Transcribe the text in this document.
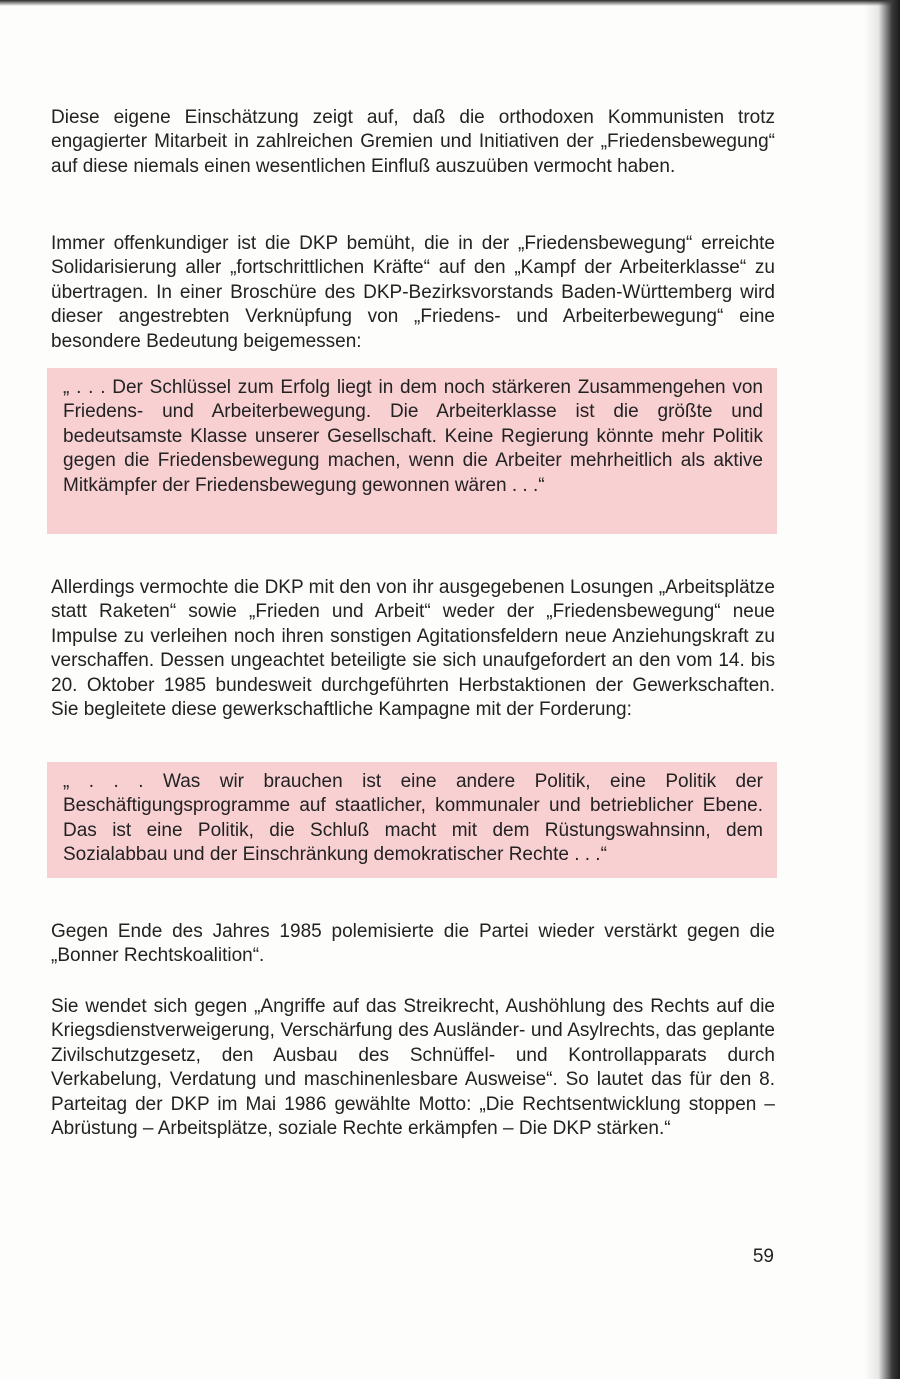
Diese eigene Einschätzung zeigt auf, daß die orthodoxen Kommunisten trotz engagierter Mitarbeit in zahlreichen Gremien und Initiativen der „Friedensbewegung“ auf diese niemals einen wesentlichen Einfluß auszuüben vermocht haben.

Immer offenkundiger ist die DKP bemüht, die in der „Friedensbewegung“ erreichte Solidarisierung aller „fortschrittlichen Kräfte“ auf den „Kampf der Arbeiterklasse“ zu übertragen. In einer Broschüre des DKP-Bezirksvorstands Baden-Württemberg wird dieser angestrebten Verknüpfung von „Friedens- und Arbeiterbewegung“ eine besondere Bedeutung beigemessen:

„ . . . Der Schlüssel zum Erfolg liegt in dem noch stärkeren Zusammengehen von Friedens- und Arbeiterbewegung. Die Arbeiterklasse ist die größte und bedeutsamste Klasse unserer Gesellschaft. Keine Regierung könnte mehr Politik gegen die Friedensbewegung machen, wenn die Arbeiter mehrheitlich als aktive Mitkämpfer der Friedensbewegung gewonnen wären . . .“

Allerdings vermochte die DKP mit den von ihr ausgegebenen Losungen „Arbeitsplätze statt Raketen“ sowie „Frieden und Arbeit“ weder der „Friedensbewegung“ neue Impulse zu verleihen noch ihren sonstigen Agitationsfeldern neue Anziehungskraft zu verschaffen. Dessen ungeachtet beteiligte sie sich unaufgefordert an den vom 14. bis 20. Oktober 1985 bundesweit durchgeführten Herbstaktionen der Gewerkschaften. Sie begleitete diese gewerkschaftliche Kampagne mit der Forderung:

„ . . . Was wir brauchen ist eine andere Politik, eine Politik der Beschäftigungsprogramme auf staatlicher, kommunaler und betrieblicher Ebene. Das ist eine Politik, die Schluß macht mit dem Rüstungswahnsinn, dem Sozialabbau und der Einschränkung demokratischer Rechte . . .“

Gegen Ende des Jahres 1985 polemisierte die Partei wieder verstärkt gegen die „Bonner Rechtskoalition“.

Sie wendet sich gegen „Angriffe auf das Streikrecht, Aushöhlung des Rechts auf die Kriegsdienstverweigerung, Verschärfung des Ausländer- und Asylrechts, das geplante Zivilschutzgesetz, den Ausbau des Schnüffel- und Kontrollapparats durch Verkabelung, Verdatung und maschinenlesbare Ausweise“. So lautet das für den 8. Parteitag der DKP im Mai 1986 gewählte Motto: „Die Rechtsentwicklung stoppen – Abrüstung – Arbeitsplätze, soziale Rechte erkämpfen – Die DKP stärken.“

59
